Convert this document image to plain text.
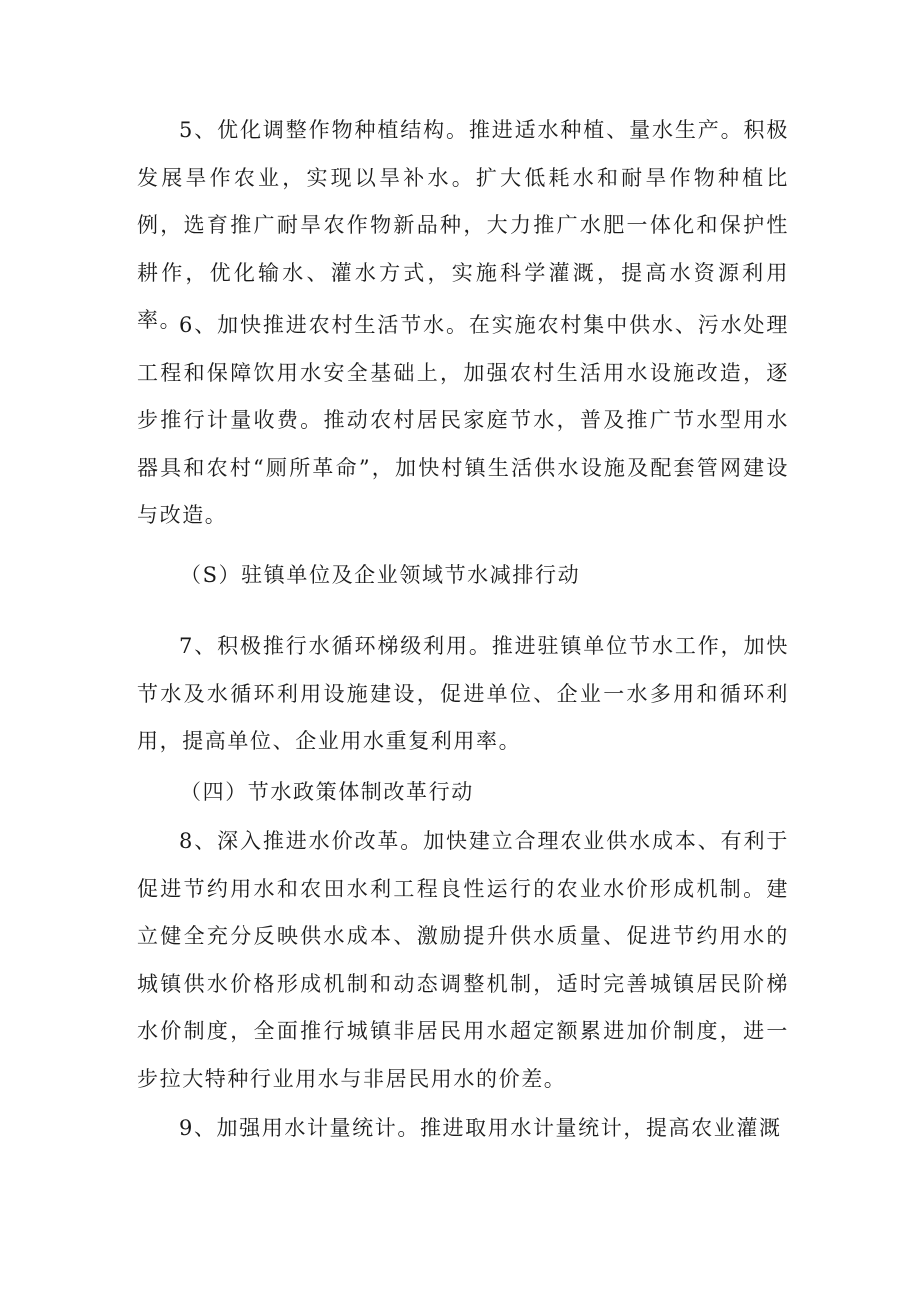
5、优化调整作物种植结构。推进适水种植、量水生产。积极发展旱作农业，实现以旱补水。扩大低耗水和耐旱作物种植比例，选育推广耐旱农作物新品种，大力推广水肥一体化和保护性耕作，优化输水、灌水方式，实施科学灌溉，提高水资源利用率。

6、加快推进农村生活节水。在实施农村集中供水、污水处理工程和保障饮用水安全基础上，加强农村生活用水设施改造，逐步推行计量收费。推动农村居民家庭节水，普及推广节水型用水器具和农村“厕所革命”，加快村镇生活供水设施及配套管网建设与改造。

（S）驻镇单位及企业领域节水减排行动

7、积极推行水循环梯级利用。推进驻镇单位节水工作，加快节水及水循环利用设施建设，促进单位、企业一水多用和循环利用，提高单位、企业用水重复利用率。

（四）节水政策体制改革行动

8、深入推进水价改革。加快建立合理农业供水成本、有利于促进节约用水和农田水利工程良性运行的农业水价形成机制。建立健全充分反映供水成本、激励提升供水质量、促进节约用水的城镇供水价格形成机制和动态调整机制，适时完善城镇居民阶梯水价制度，全面推行城镇非居民用水超定额累进加价制度，进一步拉大特种行业用水与非居民用水的价差。

9、加强用水计量统计。推进取用水计量统计，提高农业灌溉
